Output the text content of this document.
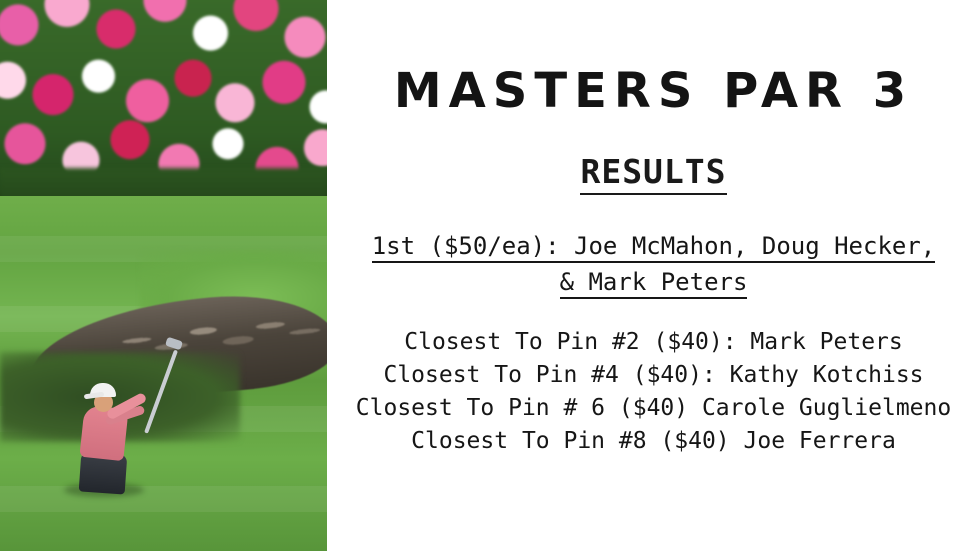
MASTERS PAR 3
RESULTS
1st ($50/ea): Joe McMahon, Doug Hecker,
& Mark Peters
Closest To Pin #2 ($40): Mark Peters
Closest To Pin #4 ($40): Kathy Kotchiss
Closest To Pin # 6 ($40) Carole Guglielmeno
Closest To Pin #8 ($40) Joe Ferrera
